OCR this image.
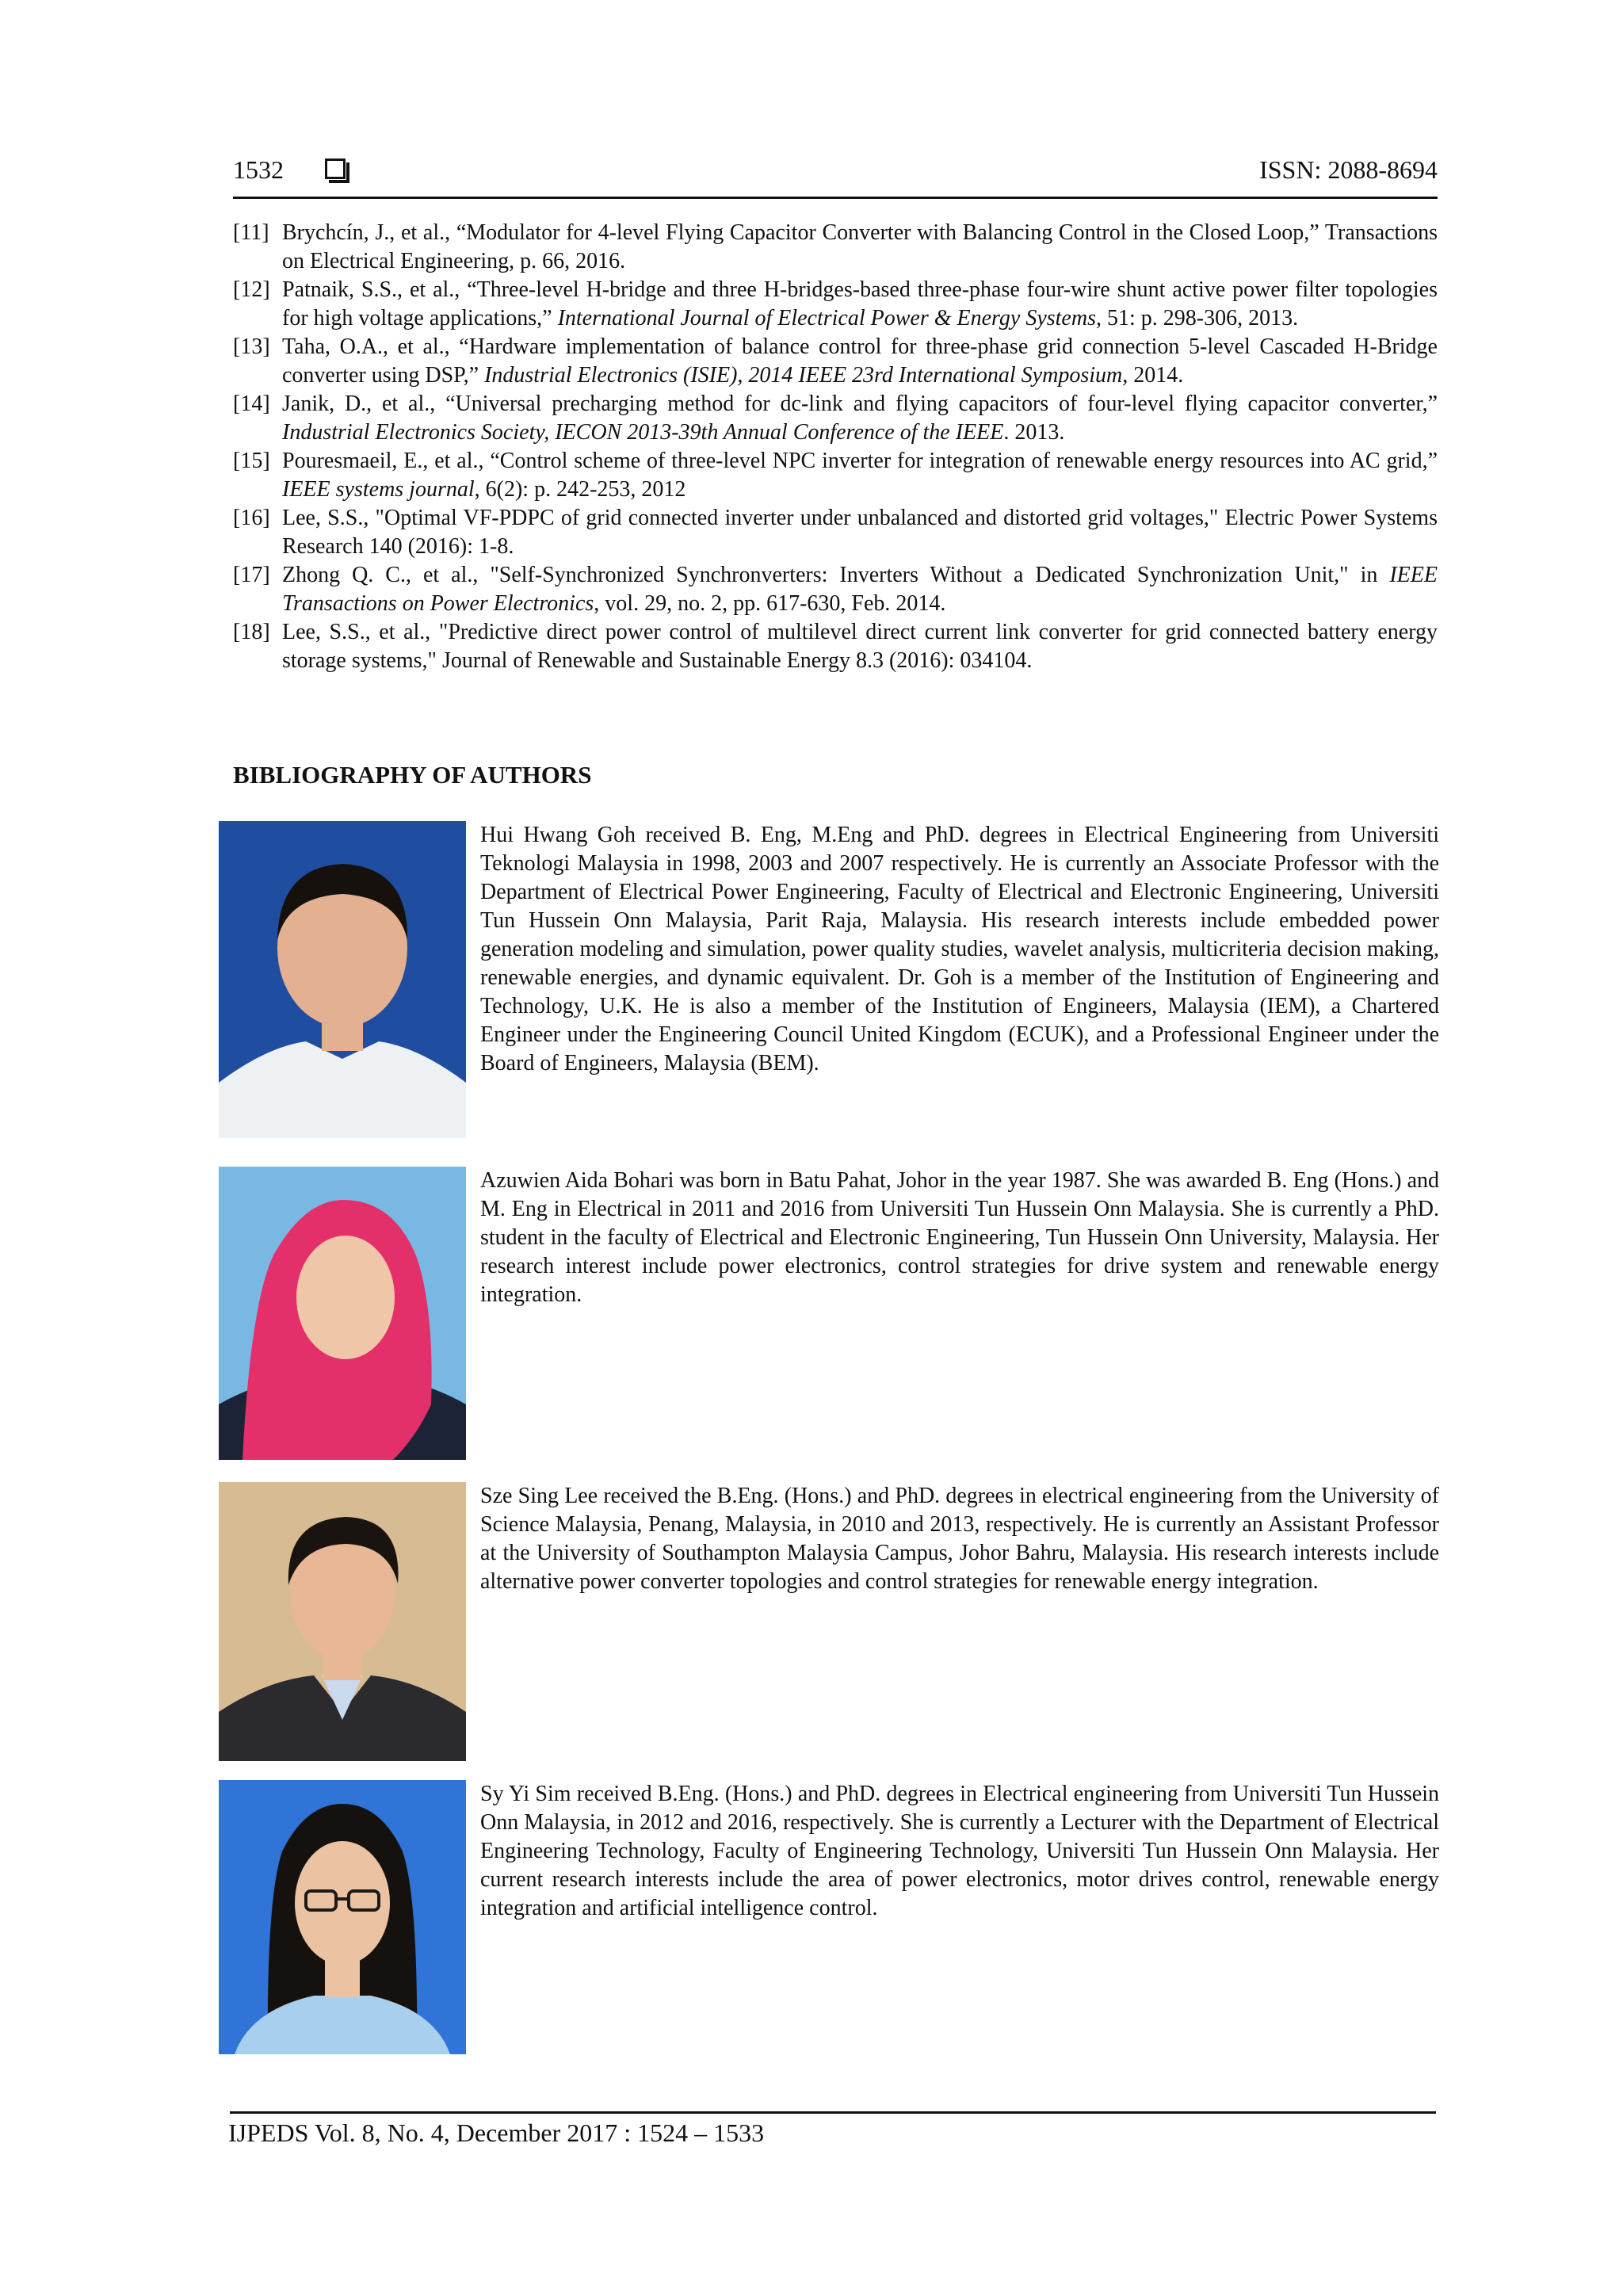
1532	ISSN: 2088-8694
[11] Brychcín, J., et al., “Modulator for 4-level Flying Capacitor Converter with Balancing Control in the Closed Loop,” Transactions on Electrical Engineering, p. 66, 2016.
[12] Patnaik, S.S., et al., “Three-level H-bridge and three H-bridges-based three-phase four-wire shunt active power filter topologies for high voltage applications,” International Journal of Electrical Power & Energy Systems, 51: p. 298-306, 2013.
[13] Taha, O.A., et al., “Hardware implementation of balance control for three-phase grid connection 5-level Cascaded H-Bridge converter using DSP,” Industrial Electronics (ISIE), 2014 IEEE 23rd International Symposium, 2014.
[14] Janik, D., et al., “Universal precharging method for dc-link and flying capacitors of four-level flying capacitor converter,” Industrial Electronics Society, IECON 2013-39th Annual Conference of the IEEE. 2013.
[15] Pouresmaeil, E., et al., “Control scheme of three-level NPC inverter for integration of renewable energy resources into AC grid,” IEEE systems journal, 6(2): p. 242-253, 2012
[16] Lee, S.S., "Optimal VF-PDPC of grid connected inverter under unbalanced and distorted grid voltages," Electric Power Systems Research 140 (2016): 1-8.
[17] Zhong Q. C., et al., "Self-Synchronized Synchronverters: Inverters Without a Dedicated Synchronization Unit," in IEEE Transactions on Power Electronics, vol. 29, no. 2, pp. 617-630, Feb. 2014.
[18] Lee, S.S., et al., "Predictive direct power control of multilevel direct current link converter for grid connected battery energy storage systems," Journal of Renewable and Sustainable Energy 8.3 (2016): 034104.
BIBLIOGRAPHY OF AUTHORS
Hui Hwang Goh received B. Eng, M.Eng and PhD. degrees in Electrical Engineering from Universiti Teknologi Malaysia in 1998, 2003 and 2007 respectively. He is currently an Associate Professor with the Department of Electrical Power Engineering, Faculty of Electrical and Electronic Engineering, Universiti Tun Hussein Onn Malaysia, Parit Raja, Malaysia. His research interests include embedded power generation modeling and simulation, power quality studies, wavelet analysis, multicriteria decision making, renewable energies, and dynamic equivalent. Dr. Goh is a member of the Institution of Engineering and Technology, U.K. He is also a member of the Institution of Engineers, Malaysia (IEM), a Chartered Engineer under the Engineering Council United Kingdom (ECUK), and a Professional Engineer under the Board of Engineers, Malaysia (BEM).
Azuwien Aida Bohari was born in Batu Pahat, Johor in the year 1987. She was awarded B. Eng (Hons.) and M. Eng in Electrical in 2011 and 2016 from Universiti Tun Hussein Onn Malaysia. She is currently a PhD. student in the faculty of Electrical and Electronic Engineering, Tun Hussein Onn University, Malaysia. Her research interest include power electronics, control strategies for drive system and renewable energy integration.
Sze Sing Lee received the B.Eng. (Hons.) and PhD. degrees in electrical engineering from the University of Science Malaysia, Penang, Malaysia, in 2010 and 2013, respectively. He is currently an Assistant Professor at the University of Southampton Malaysia Campus, Johor Bahru, Malaysia. His research interests include alternative power converter topologies and control strategies for renewable energy integration.
Sy Yi Sim received B.Eng. (Hons.) and PhD. degrees in Electrical engineering from Universiti Tun Hussein Onn Malaysia, in 2012 and 2016, respectively. She is currently a Lecturer with the Department of Electrical Engineering Technology, Faculty of Engineering Technology, Universiti Tun Hussein Onn Malaysia. Her current research interests include the area of power electronics, motor drives control, renewable energy integration and artificial intelligence control.
IJPEDS Vol. 8, No. 4, December 2017 : 1524 – 1533
